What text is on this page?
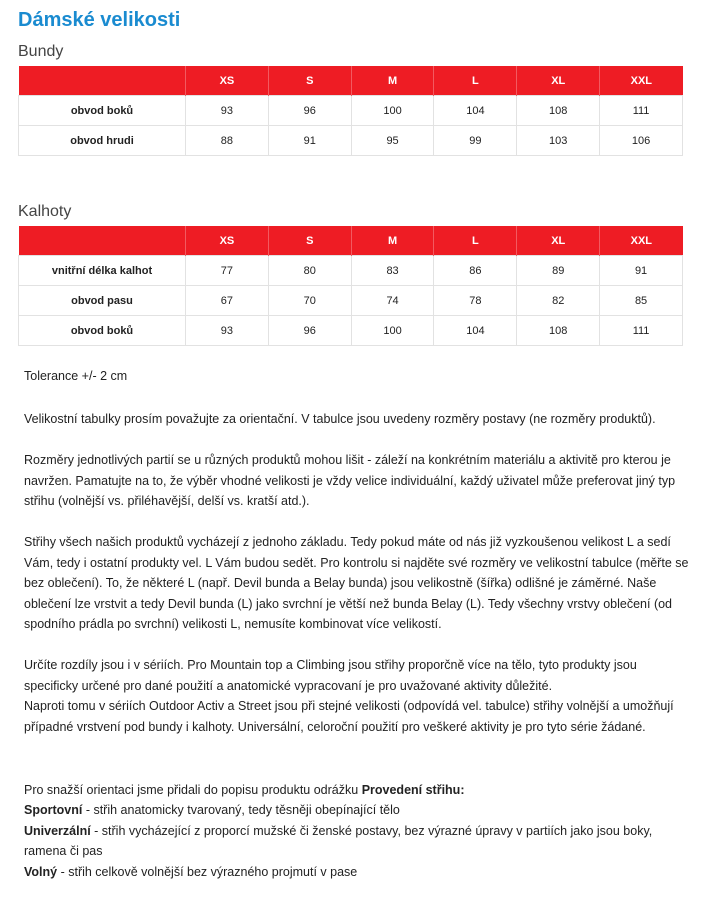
Dámské velikosti
Bundy
	XS	S	M	L	XL	XXL
obvod boků	93	96	100	104	108	111
obvod hrudi	88	91	95	99	103	106
Kalhoty
	XS	S	M	L	XL	XXL
vnitřní délka kalhot	77	80	83	86	89	91
obvod pasu	67	70	74	78	82	85
obvod boků	93	96	100	104	108	111

Tolerance +/- 2 cm

Velikostní tabulky prosím považujte za orientační. V tabulce jsou uvedeny rozměry postavy (ne rozměry produktů).

Rozměry jednotlivých partií se u různých produktů mohou lišit - záleží na konkrétním materiálu a aktivitě pro kterou je navržen. Pamatujte na to, že výběr vhodné velikosti je vždy velice individuální, každý uživatel může preferovat jiný typ střihu (volnější vs. přiléhavější, delší vs. kratší atd.).

Střihy všech našich produktů vycházejí z jednoho základu. Tedy pokud máte od nás již vyzkoušenou velikost L a sedí Vám, tedy i ostatní produkty vel. L Vám budou sedět. Pro kontrolu si najděte své rozměry ve velikostní tabulce (měřte se bez oblečení). To, že některé L (např. Devil bunda a Belay bunda) jsou velikostně (šířka) odlišné je záměrné. Naše oblečení lze vrstvit a tedy Devil bunda (L) jako svrchní je větší než bunda Belay (L). Tedy všechny vrstvy oblečení (od spodního prádla po svrchní) velikosti L, nemusíte kombinovat více velikostí.

Určíte rozdíly jsou i v sériích. Pro Mountain top a Climbing jsou střihy proporčně více na tělo, tyto produkty jsou specificky určené pro dané použití a anatomické vypracovaní je pro uvažované aktivity důležité.
Naproti tomu v sériích Outdoor Activ a Street jsou při stejné velikosti (odpovídá vel. tabulce) střihy volnější a umožňují případné vrstvení pod bundy i kalhoty. Universální, celoroční použití pro veškeré aktivity je pro tyto série žádané.
Pro snažší orientaci jsme přidali do popisu produktu odrážku Provedení střihu:
Sportovní - střih anatomicky tvarovaný, tedy těsněji obepínající tělo
Univerzální - střih vycházející z proporcí mužské či ženské postavy, bez výrazné úpravy v partiích jako jsou boky, ramena či pas
Volný - střih celkově volnější bez výrazného projmutí v pase
